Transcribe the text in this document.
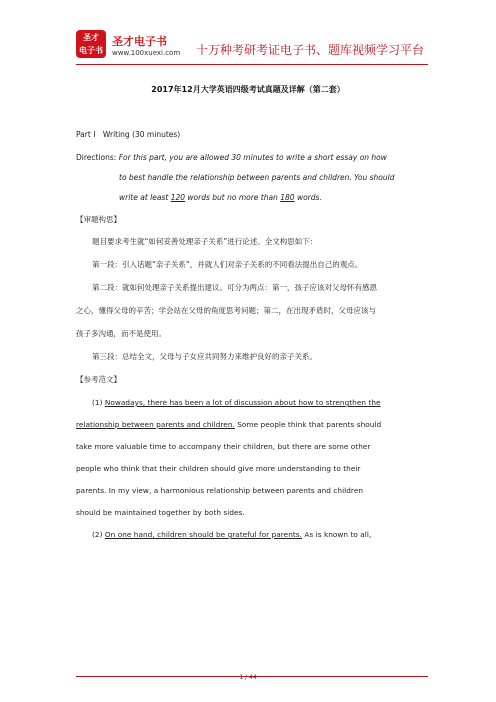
圣才
电子书
圣才电子书
www.100xuexi.com 十万种考研考证电子书、题库视频学习平台
2017年12月大学英语四级考试真题及详解（第二套）
Part Ⅰ　Writing (30 minutes)
Directions: For this part, you are allowed 30 minutes to write a short essay on how
to best handle the relationship between parents and children. You should
write at least 120 words but no more than 180 words.
【审题构思】
题目要求考生就“如何妥善处理亲子关系”进行论述。全文构思如下：
第一段：引入话题“亲子关系”，并就人们对亲子关系的不同看法提出自己的观点。
第二段：就如何处理亲子关系提出建议。可分为两点：第一，孩子应该对父母怀有感恩
之心，懂得父母的辛苦；学会站在父母的角度思考问题；第二，在出现矛盾时，父母应该与
孩子多沟通，而不是使用。
第三段：总结全文，父母与子女应共同努力来维护良好的亲子关系。
【参考范文】
(1) Nowadays, there has been a lot of discussion about how to strengthen the
relationship between parents and children. Some people think that parents should
take more valuable time to accompany their children, but there are some other
people who think that their children should give more understanding to their
parents. In my view, a harmonious relationship between parents and children
should be maintained together by both sides.
(2) On one hand, children should be grateful for parents. As is known to all,
1 / 44
